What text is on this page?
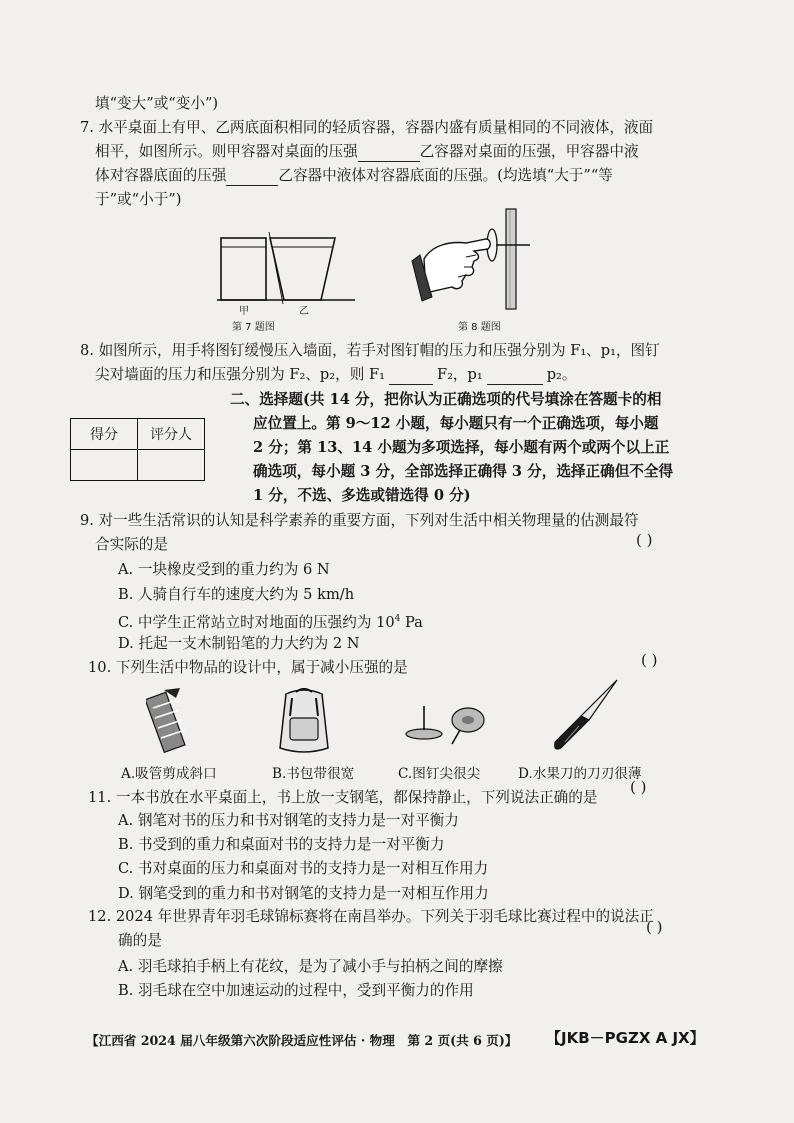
填“变大”或“变小”)
7. 水平桌面上有甲、乙两底面积相同的轻质容器，容器内盛有质量相同的不同液体，液面
相平，如图所示。则甲容器对桌面的压强	乙容器对桌面的压强，甲容器中液
体对容器底面的压强	乙容器中液体对容器底面的压强。(均选填“大于”“等
于”或“小于”)
甲	乙
第 7 题图	第 8 题图
8. 如图所示，用手将图钉缓慢压入墙面，若手对图钉帽的压力和压强分别为 F₁、p₁，图钉
尖对墙面的压力和压强分别为 F₂、p₂，则 F₁	F₂，p₁	p₂。
二、选择题(共 14 分，把你认为正确选项的代号填涂在答题卡的相
应位置上。第 9～12 小题，每小题只有一个正确选项，每小题
2 分；第 13、14 小题为多项选择，每小题有两个或两个以上正
确选项，每小题 3 分，全部选择正确得 3 分，选择正确但不全得
1 分，不选、多选或错选得 0 分)
得分	评分人

9. 对一些生活常识的认知是科学素养的重要方面，下列对生活中相关物理量的估测最符
合实际的是	( )
A. 一块橡皮受到的重力约为 6 N
B. 人骑自行车的速度大约为 5 km/h
C. 中学生正常站立时对地面的压强约为 $10^4$ Pa
D. 托起一支木制铅笔的力大约为 2 N
10. 下列生活中物品的设计中，属于减小压强的是	( )
A.吸管剪成斜口	B.书包带很宽	C.图钉尖很尖	D.水果刀的刀刃很薄
11. 一本书放在水平桌面上，书上放一支钢笔，都保持静止，下列说法正确的是
( )
A. 钢笔对书的压力和书对钢笔的支持力是一对平衡力
B. 书受到的重力和桌面对书的支持力是一对平衡力
C. 书对桌面的压力和桌面对书的支持力是一对相互作用力
D. 钢笔受到的重力和书对钢笔的支持力是一对相互作用力
12. 2024 年世界青年羽毛球锦标赛将在南昌举办。下列关于羽毛球比赛过程中的说法正
确的是
( )
A. 羽毛球拍手柄上有花纹，是为了减小手与拍柄之间的摩擦
B. 羽毛球在空中加速运动的过程中，受到平衡力的作用
【江西省 2024 届八年级第六次阶段适应性评估 · 物理　第 2 页(共 6 页)】 【JKB－PGZX A JX】
